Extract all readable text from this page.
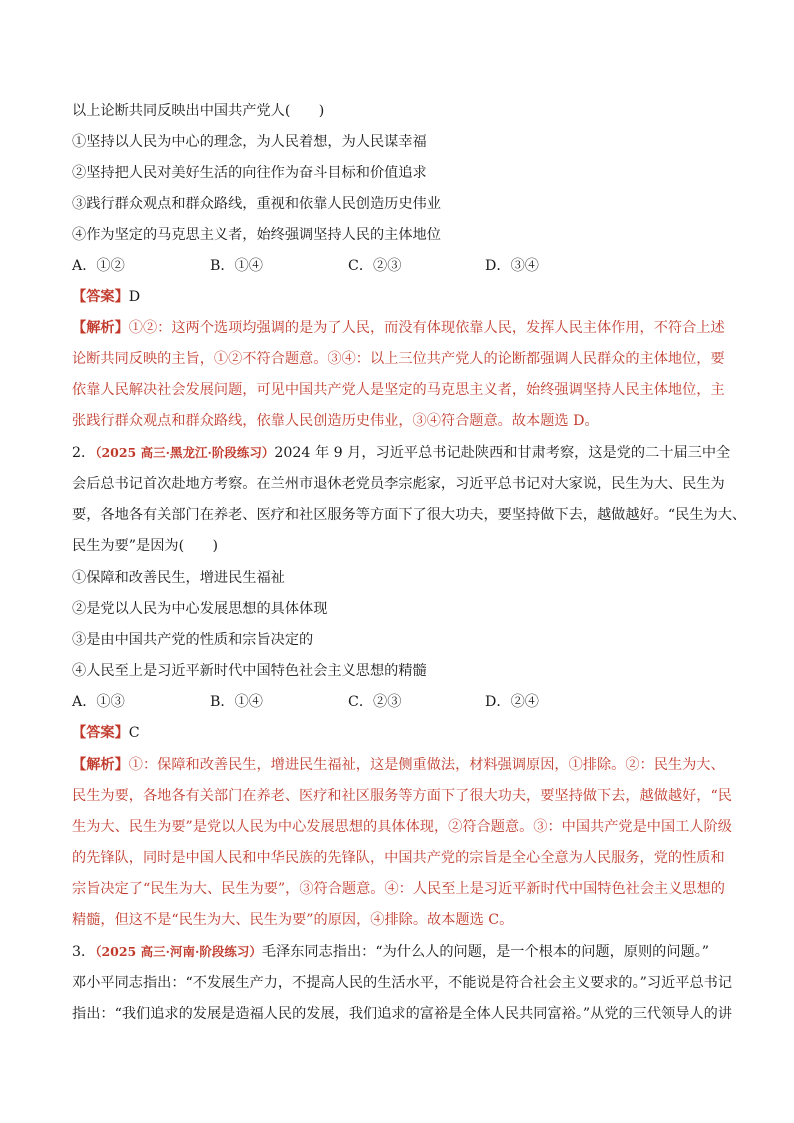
以上论断共同反映出中国共产党人(　　)
①坚持以人民为中心的理念，为人民着想，为人民谋幸福
②坚持把人民对美好生活的向往作为奋斗目标和价值追求
③践行群众观点和群众路线，重视和依靠人民创造历史伟业
④作为坚定的马克思主义者，始终强调坚持人民的主体地位
A．①②	B．①④	C．②③	D．③④
【答案】D
【解析】①②：这两个选项均强调的是为了人民，而没有体现依靠人民，发挥人民主体作用，不符合上述
论断共同反映的主旨，①②不符合题意。③④：以上三位共产党人的论断都强调人民群众的主体地位，要
依靠人民解决社会发展问题，可见中国共产党人是坚定的马克思主义者，始终强调坚持人民主体地位，主
张践行群众观点和群众路线，依靠人民创造历史伟业，③④符合题意。故本题选 D。
2．（2025 高三·黑龙江·阶段练习）2024 年 9 月，习近平总书记赴陕西和甘肃考察，这是党的二十届三中全
会后总书记首次赴地方考察。在兰州市退休老党员李宗彪家，习近平总书记对大家说，民生为大、民生为
要，各地各有关部门在养老、医疗和社区服务等方面下了很大功夫，要坚持做下去，越做越好。“民生为大、
民生为要”是因为(　　)
①保障和改善民生，增进民生福祉
②是党以人民为中心发展思想的具体体现
③是由中国共产党的性质和宗旨决定的
④人民至上是习近平新时代中国特色社会主义思想的精髓
A．①③	B．①④	C．②③	D．②④
【答案】C
【解析】①：保障和改善民生，增进民生福祉，这是侧重做法，材料强调原因，①排除。②：民生为大、
民生为要，各地各有关部门在养老、医疗和社区服务等方面下了很大功夫，要坚持做下去，越做越好，“民
生为大、民生为要”是党以人民为中心发展思想的具体体现，②符合题意。③：中国共产党是中国工人阶级
的先锋队，同时是中国人民和中华民族的先锋队，中国共产党的宗旨是全心全意为人民服务，党的性质和
宗旨决定了“民生为大、民生为要”，③符合题意。④：人民至上是习近平新时代中国特色社会主义思想的
精髓，但这不是“民生为大、民生为要”的原因，④排除。故本题选 C。
3．（2025 高三·河南·阶段练习）毛泽东同志指出：“为什么人的问题，是一个根本的问题，原则的问题。”
邓小平同志指出：“不发展生产力，不提高人民的生活水平，不能说是符合社会主义要求的。”习近平总书记
指出：“我们追求的发展是造福人民的发展，我们追求的富裕是全体人民共同富裕。”从党的三代领导人的讲
